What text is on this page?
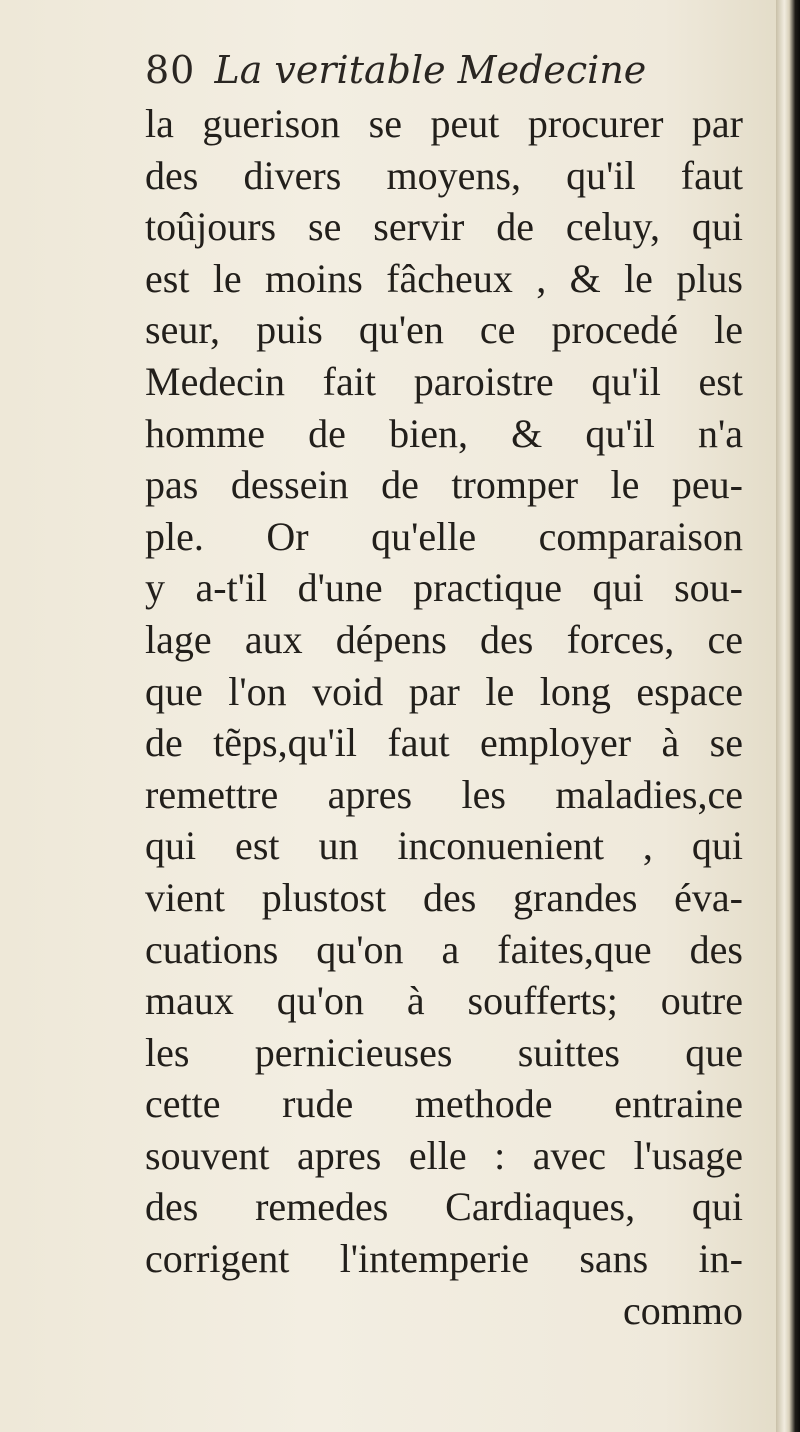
80 La veritable Medecine
la guerison se peut procurer par
des divers moyens, qu'il faut
toûjours se servir de celuy, qui
est le moins fâcheux , & le plus
seur, puis qu'en ce procedé le
Medecin fait paroistre qu'il est
homme de bien, & qu'il n'a
pas dessein de tromper le peu-
ple. Or qu'elle comparaison
y a-t'il d'une practique qui sou-
lage aux dépens des forces, ce
que l'on void par le long espace
de tẽps,qu'il faut employer à se
remettre apres les maladies,ce
qui est un inconuenient , qui
vient plustost des grandes éva-
cuations qu'on a faites,que des
maux qu'on à soufferts; outre
les pernicieuses suittes que
cette rude methode entraine
souvent apres elle : avec l'usage
des remedes Cardiaques, qui
corrigent l'intemperie sans in-
commo
